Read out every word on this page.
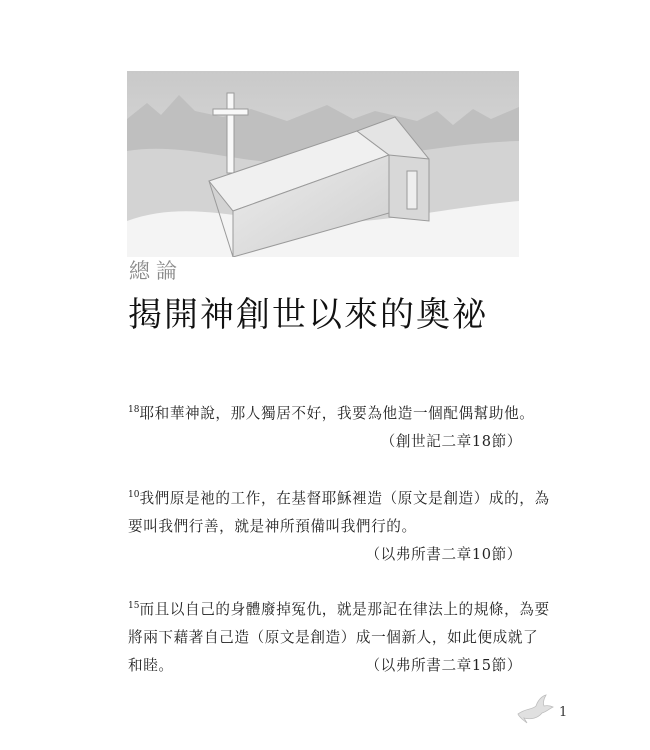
總論
揭開神創世以來的奧祕

$^{18}$耶和華神說，那人獨居不好，我要為他造一個配偶幫助他。

（創世記二章18節）

$^{10}$我們原是祂的工作，在基督耶穌裡造（原文是創造）成的，為

要叫我們行善，就是神所預備叫我們行的。

（以弗所書二章10節）

$^{15}$而且以自己的身體廢掉冤仇，就是那記在律法上的規條，為要

將兩下藉著自己造（原文是創造）成一個新人，如此便成就了

和睦。	（以弗所書二章15節）

1
